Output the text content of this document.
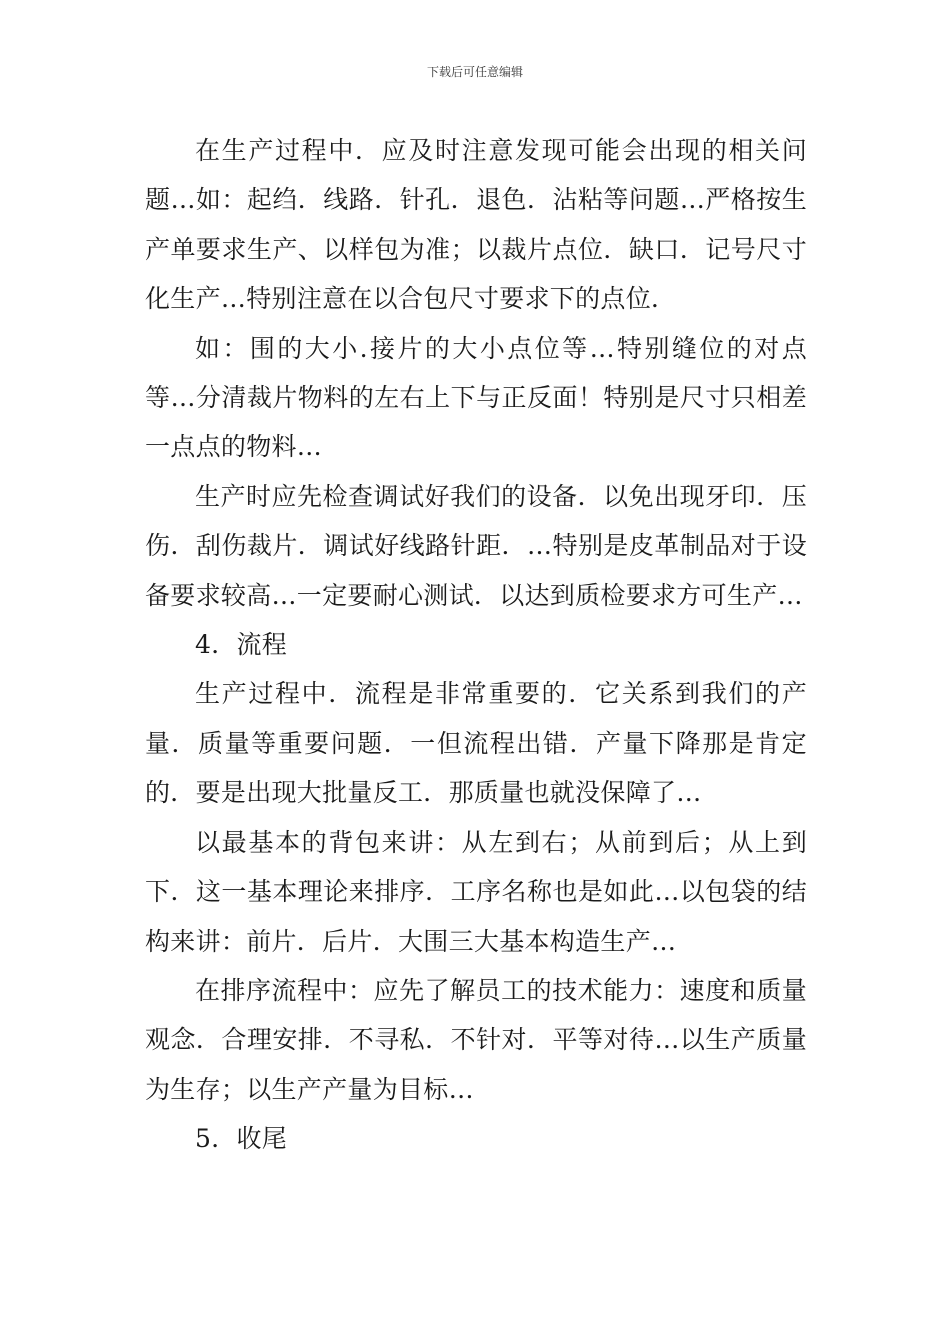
下载后可任意编辑

在生产过程中．应及时注意发现可能会出现的相关问题…如：起绉．线路．针孔．退色．沾粘等问题…严格按生产单要求生产、以样包为准；以裁片点位．缺口．记号尺寸化生产…特别注意在以合包尺寸要求下的点位．

如：围的大小.接片的大小点位等…特别缝位的对点等…分清裁片物料的左右上下与正反面！特别是尺寸只相差一点点的物料…

生产时应先检查调试好我们的设备．以免出现牙印．压伤．刮伤裁片．调试好线路针距．…特别是皮革制品对于设备要求较高…一定要耐心测试．以达到质检要求方可生产…

4．流程

生产过程中．流程是非常重要的．它关系到我们的产量．质量等重要问题．一但流程出错．产量下降那是肯定的．要是出现大批量反工．那质量也就没保障了…

以最基本的背包来讲：从左到右；从前到后；从上到下．这一基本理论来排序．工序名称也是如此…以包袋的结构来讲：前片．后片．大围三大基本构造生产…

在排序流程中：应先了解员工的技术能力：速度和质量观念．合理安排．不寻私．不针对．平等对待…以生产质量为生存；以生产产量为目标…

5．收尾
